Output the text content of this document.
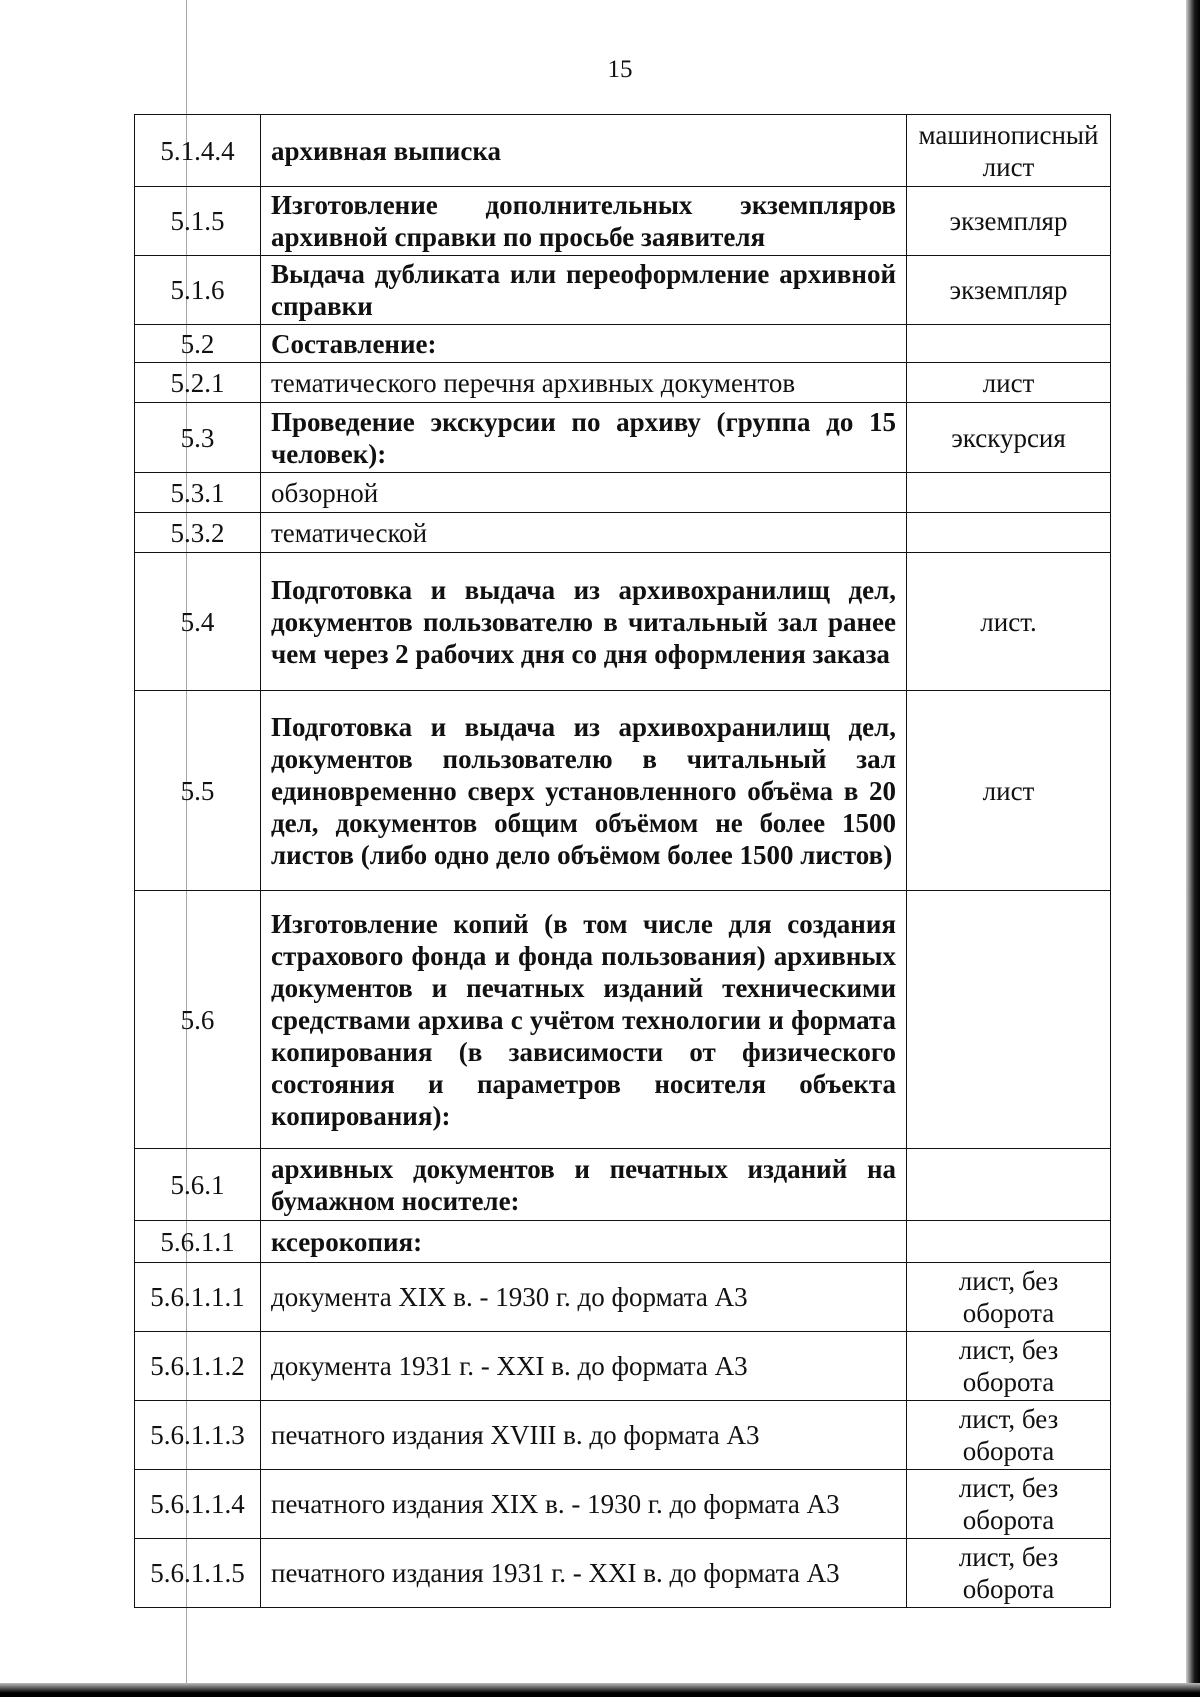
15
5.1.4.4	архивная выписка	машинописный лист
5.1.5	Изготовление дополнительных экземпляров архивной справки по просьбе заявителя	экземпляр
5.1.6	Выдача дубликата или переоформление архивной справки	экземпляр
5.2	Составление:	
5.2.1	тематического перечня архивных документов	лист
5.3	Проведение экскурсии по архиву (группа до 15 человек):	экскурсия
5.3.1	обзорной	
5.3.2	тематической	
5.4	Подготовка и выдача из архивохранилищ дел, документов пользователю в читальный зал ранее чем через 2 рабочих дня со дня оформления заказа	лист.
5.5	Подготовка и выдача из архивохранилищ дел, документов пользователю в читальный зал единовременно сверх установленного объёма в 20 дел, документов общим объёмом не более 1500 листов (либо одно дело объёмом более 1500 листов)	лист
5.6	Изготовление копий (в том числе для создания страхового фонда и фонда пользования) архивных документов и печатных изданий техническими средствами архива с учётом технологии и формата копирования (в зависимости от физического состояния и параметров носителя объекта копирования):	
5.6.1	архивных документов и печатных изданий на бумажном носителе:	
5.6.1.1	ксерокопия:	
5.6.1.1.1	документа XIX в. - 1930 г. до формата А3	лист, без оборота
5.6.1.1.2	документа 1931 г. - XXI в. до формата А3	лист, без оборота
5.6.1.1.3	печатного издания XVIII в. до формата А3	лист, без оборота
5.6.1.1.4	печатного издания XIX в. - 1930 г. до формата А3	лист, без оборота
5.6.1.1.5	печатного издания 1931 г. - XXI в. до формата А3	лист, без оборота
